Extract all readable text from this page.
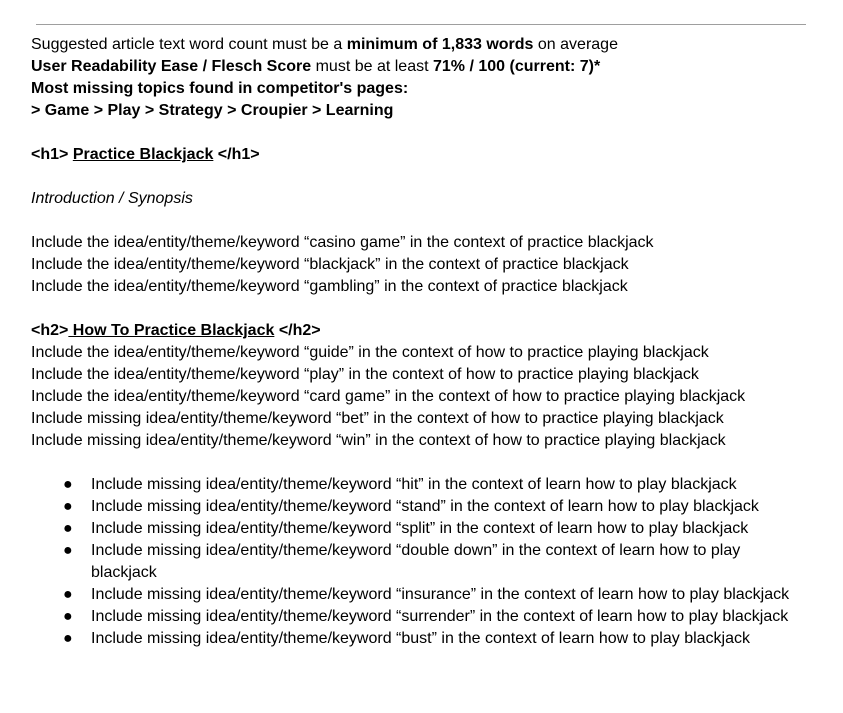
Suggested article text word count must be a minimum of 1,833 words on average
User Readability Ease / Flesch Score must be at least 71% / 100 (current: 7)*
Most missing topics found in competitor's pages:
> Game > Play > Strategy > Croupier > Learning
<h1> Practice Blackjack </h1>
Introduction / Synopsis
Include the idea/entity/theme/keyword “casino game” in the context of practice blackjack
Include the idea/entity/theme/keyword “blackjack” in the context of practice blackjack
Include the idea/entity/theme/keyword “gambling” in the context of practice blackjack
<h2> How To Practice Blackjack </h2>
Include the idea/entity/theme/keyword “guide” in the context of how to practice playing blackjack
Include the idea/entity/theme/keyword “play” in the context of how to practice playing blackjack
Include the idea/entity/theme/keyword “card game” in the context of how to practice playing blackjack
Include missing idea/entity/theme/keyword “bet” in the context of how to practice playing blackjack
Include missing idea/entity/theme/keyword “win” in the context of how to practice playing blackjack
● Include missing idea/entity/theme/keyword “hit” in the context of learn how to play blackjack
● Include missing idea/entity/theme/keyword “stand” in the context of learn how to play blackjack
● Include missing idea/entity/theme/keyword “split” in the context of learn how to play blackjack
● Include missing idea/entity/theme/keyword “double down” in the context of learn how to play blackjack
● Include missing idea/entity/theme/keyword “insurance” in the context of learn how to play blackjack
● Include missing idea/entity/theme/keyword “surrender” in the context of learn how to play blackjack
● Include missing idea/entity/theme/keyword “bust” in the context of learn how to play blackjack
